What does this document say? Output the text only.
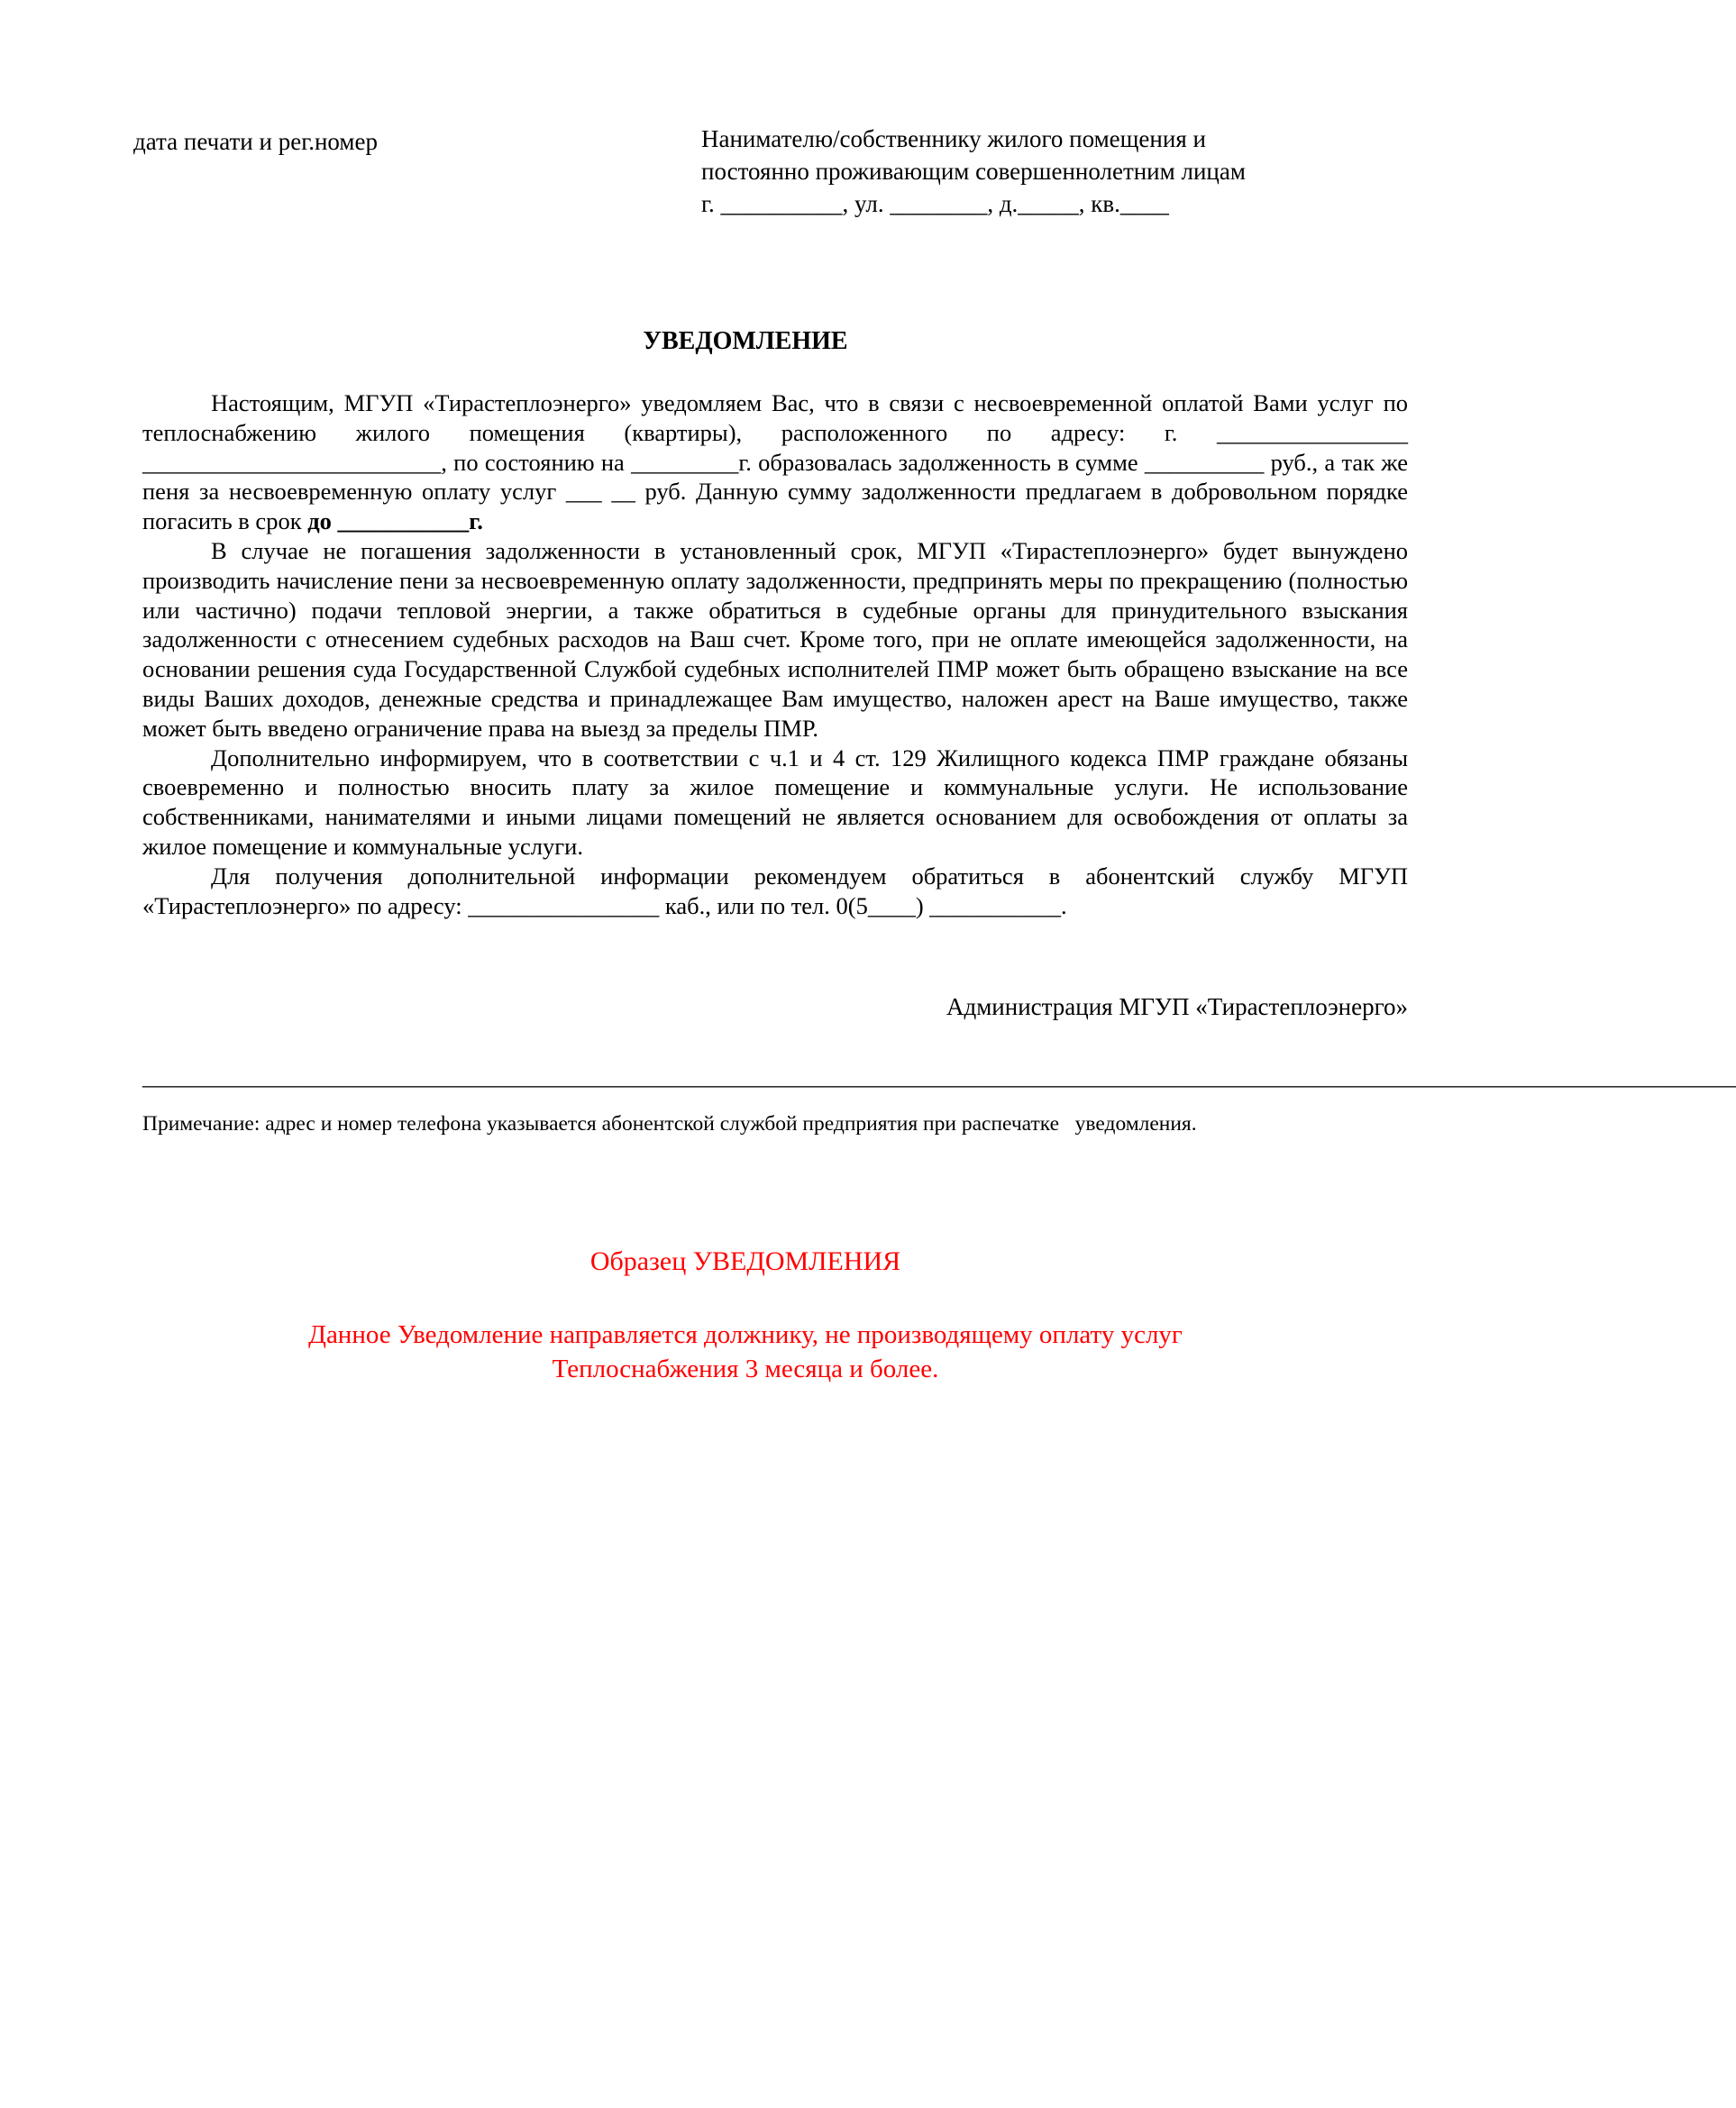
дата печати и рег.номер	Нанимателю/собственнику жилого помещения и
постоянно проживающим совершеннолетним лицам
г. __________, ул. ________, д._____, кв.____
УВЕДОМЛЕНИЕ

Настоящим, МГУП «Тирастеплоэнерго» уведомляем Вас, что в связи с несвоевременной оплатой Вами услуг по теплоснабжению жилого помещения (квартиры), расположенного по адресу: г. ________________ _________________________, по состоянию на _________г. образовалась задолженность в сумме __________ руб., а так же пеня за несвоевременную оплату услуг ___ __ руб. Данную сумму задолженности предлагаем в добровольном порядке погасить в срок до ___________г.

В случае не погашения задолженности в установленный срок, МГУП «Тирастеплоэнерго» будет вынуждено производить начисление пени за несвоевременную оплату задолженности, предпринять меры по прекращению (полностью или частично) подачи тепловой энергии, а также обратиться в судебные органы для принудительного взыскания задолженности с отнесением судебных расходов на Ваш счет. Кроме того, при не оплате имеющейся задолженности, на основании решения суда Государственной Службой судебных исполнителей ПМР может быть обращено взыскание на все виды Ваших доходов, денежные средства и принадлежащее Вам имущество, наложен арест на Ваше имущество, также может быть введено ограничение права на выезд за пределы ПМР.

Дополнительно информируем, что в соответствии с ч.1 и 4 ст. 129 Жилищного кодекса ПМР граждане обязаны своевременно и полностью вносить плату за жилое помещение и коммунальные услуги. Не использование собственниками, нанимателями и иными лицами помещений не является основанием для освобождения от оплаты за жилое помещение и коммунальные услуги.

Для получения дополнительной информации рекомендуем обратиться в абонентский службу МГУП «Тирастеплоэнерго» по адресу: ________________ каб., или по тел. 0(5____) ___________.

Администрация МГУП «Тирастеплоэнерго»
________________________________________________________________________________________________________________________________________
Примечание: адрес и номер телефона указывается абонентской службой предприятия при распечатке   уведомления.
Образец УВЕДОМЛЕНИЯ
Данное Уведомление направляется должнику, не производящему оплату услуг
Теплоснабжения 3 месяца и более.
